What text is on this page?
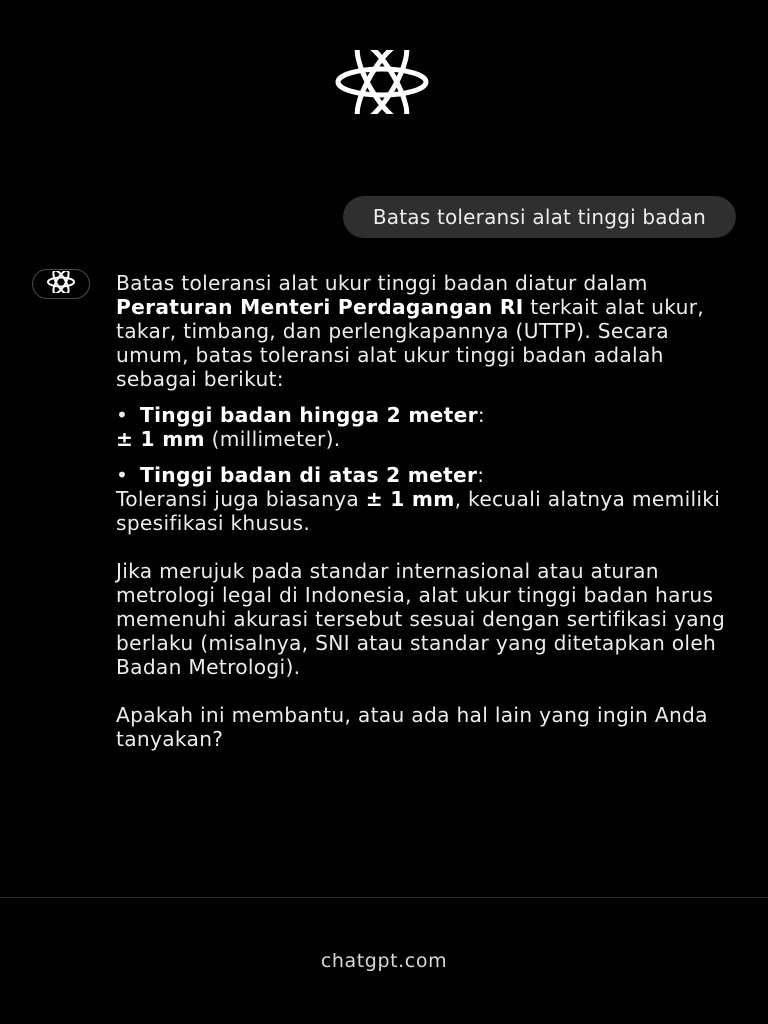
Batas toleransi alat tinggi badan

Batas toleransi alat ukur tinggi badan diatur dalam Peraturan Menteri Perdagangan RI terkait alat ukur, takar, timbang, dan perlengkapannya (UTTP). Secara umum, batas toleransi alat ukur tinggi badan adalah sebagai berikut:

• Tinggi badan hingga 2 meter:
± 1 mm (millimeter).

• Tinggi badan di atas 2 meter:
Toleransi juga biasanya ± 1 mm, kecuali alatnya memiliki spesifikasi khusus.

Jika merujuk pada standar internasional atau aturan metrologi legal di Indonesia, alat ukur tinggi badan harus memenuhi akurasi tersebut sesuai dengan sertifikasi yang berlaku (misalnya, SNI atau standar yang ditetapkan oleh Badan Metrologi).

Apakah ini membantu, atau ada hal lain yang ingin Anda tanyakan?

chatgpt.com
